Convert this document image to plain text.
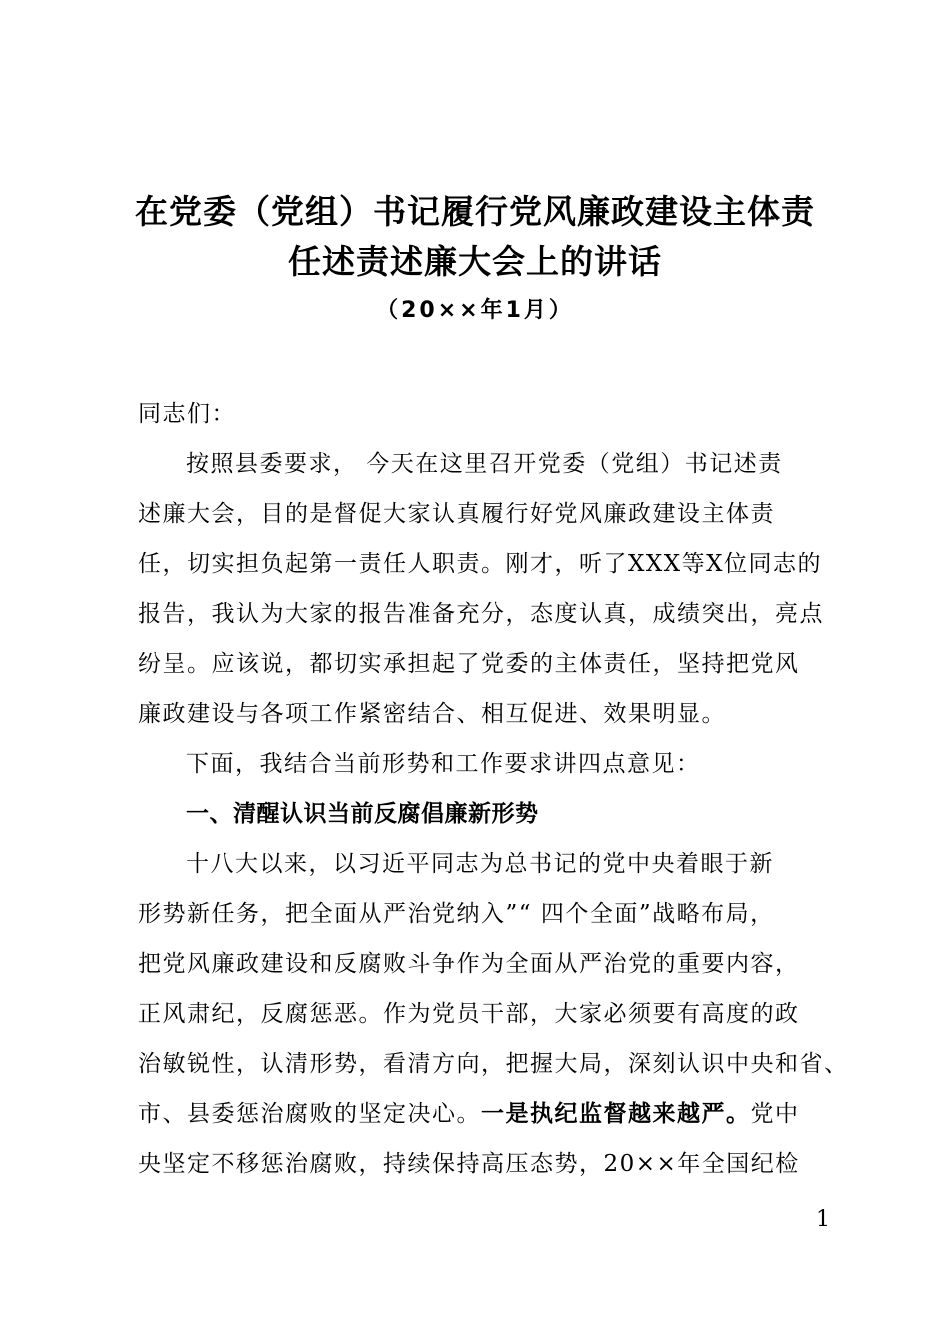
在党委（党组）书记履行党风廉政建设主体责
任述责述廉大会上的讲话
（20××年1月）
同志们：
按照县委要求， 今天在这里召开党委（党组）书记述责
述廉大会，目的是督促大家认真履行好党风廉政建设主体责
任，切实担负起第一责任人职责。刚才，听了XXX等X位同志的
报告，我认为大家的报告准备充分，态度认真，成绩突出，亮点
纷呈。应该说，都切实承担起了党委的主体责任，坚持把党风
廉政建设与各项工作紧密结合、相互促进、效果明显。
下面，我结合当前形势和工作要求讲四点意见：
一、清醒认识当前反腐倡廉新形势
十八大以来，以习近平同志为总书记的党中央着眼于新
形势新任务，把全面从严治党纳入”“ 四个全面”战略布局，
把党风廉政建设和反腐败斗争作为全面从严治党的重要内容，
正风肃纪，反腐惩恶。作为党员干部，大家必须要有高度的政
治敏锐性，认清形势，看清方向，把握大局，深刻认识中央和省、
市、县委惩治腐败的坚定决心。一是执纪监督越来越严。党中
央坚定不移惩治腐败，持续保持高压态势，20××年全国纪检
1
